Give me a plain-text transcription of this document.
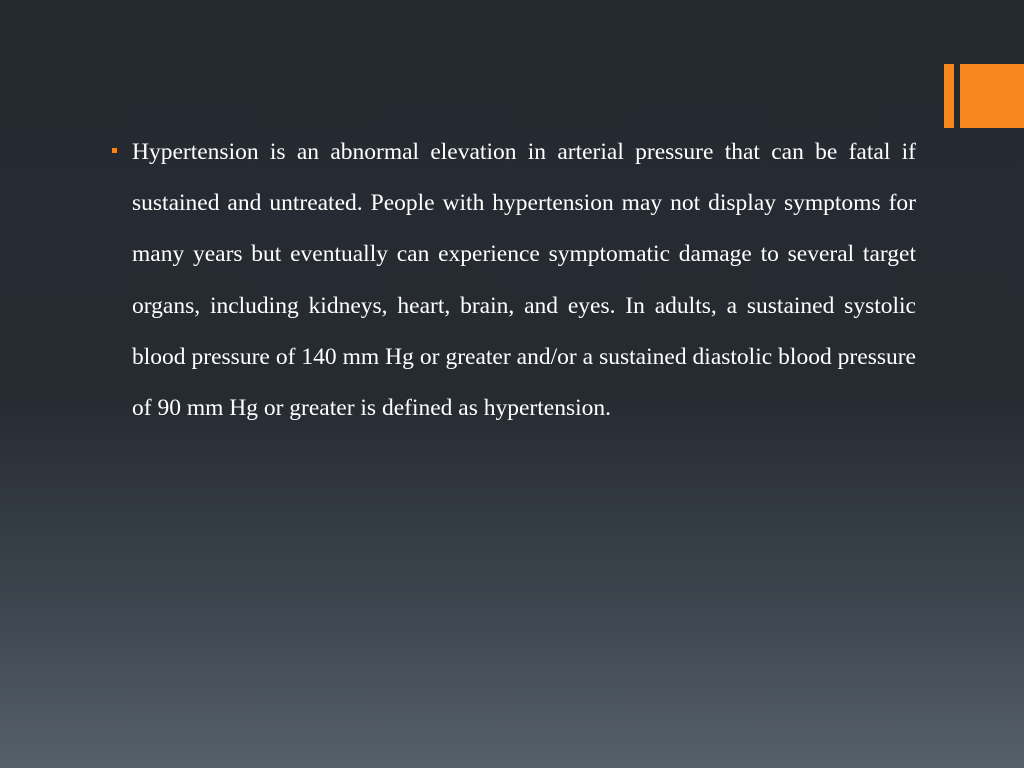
Hypertension is an abnormal elevation in arterial pressure that can be fatal if sustained and untreated. People with hypertension may not display symptoms for many years but eventually can experience symptomatic damage to several target organs, including kidneys, heart, brain, and eyes. In adults, a sustained systolic blood pressure of 140 mm Hg or greater and/or a sustained diastolic blood pressure of 90 mm Hg or greater is defined as hypertension.
